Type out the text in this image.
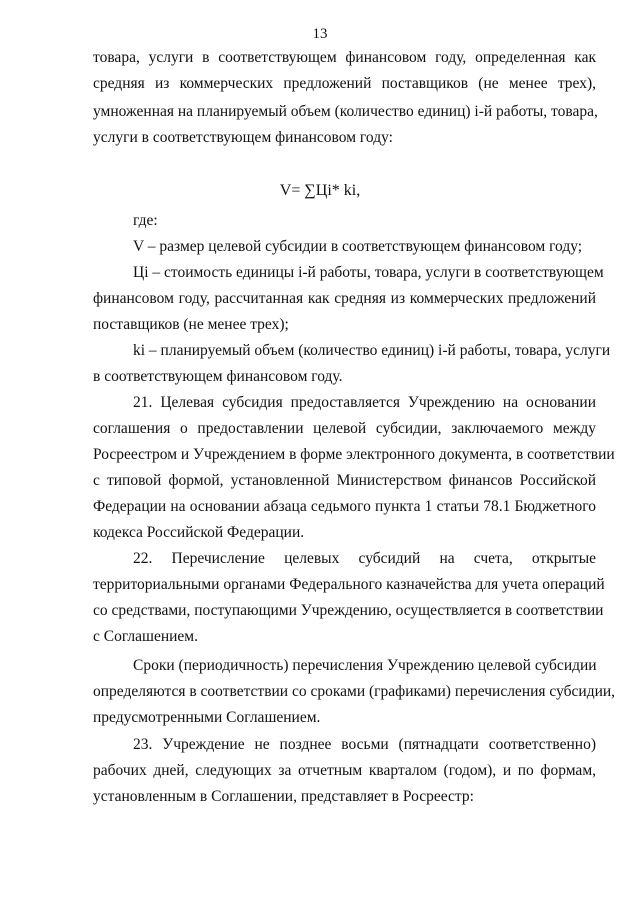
13
товара, услуги в соответствующем финансовом году, определенная как
средняя из коммерческих предложений поставщиков (не менее трех),
умноженная на планируемый объем (количество единиц) i-й работы, товара,
услуги в соответствующем финансовом году:
V= ∑Цi* ki,
где:
V – размер целевой субсидии в соответствующем финансовом году;
Цi – стоимость единицы i-й работы, товара, услуги в соответствующем
финансовом году, рассчитанная как средняя из коммерческих предложений
поставщиков (не менее трех);
ki – планируемый объем (количество единиц) i-й работы, товара, услуги
в соответствующем финансовом году.
21. Целевая субсидия предоставляется Учреждению на основании
соглашения о предоставлении целевой субсидии, заключаемого между
Росреестром и Учреждением в форме электронного документа, в соответствии
с типовой формой, установленной Министерством финансов Российской
Федерации на основании абзаца седьмого пункта 1 статьи 78.1 Бюджетного
кодекса Российской Федерации.
22. Перечисление целевых субсидий на счета, открытые
территориальными органами Федерального казначейства для учета операций
со средствами, поступающими Учреждению, осуществляется в соответствии
с Соглашением.
Сроки (периодичность) перечисления Учреждению целевой субсидии
определяются в соответствии со сроками (графиками) перечисления субсидии,
предусмотренными Соглашением.
23. Учреждение не позднее восьми (пятнадцати соответственно)
рабочих дней, следующих за отчетным кварталом (годом), и по формам,
установленным в Соглашении, представляет в Росреестр:
